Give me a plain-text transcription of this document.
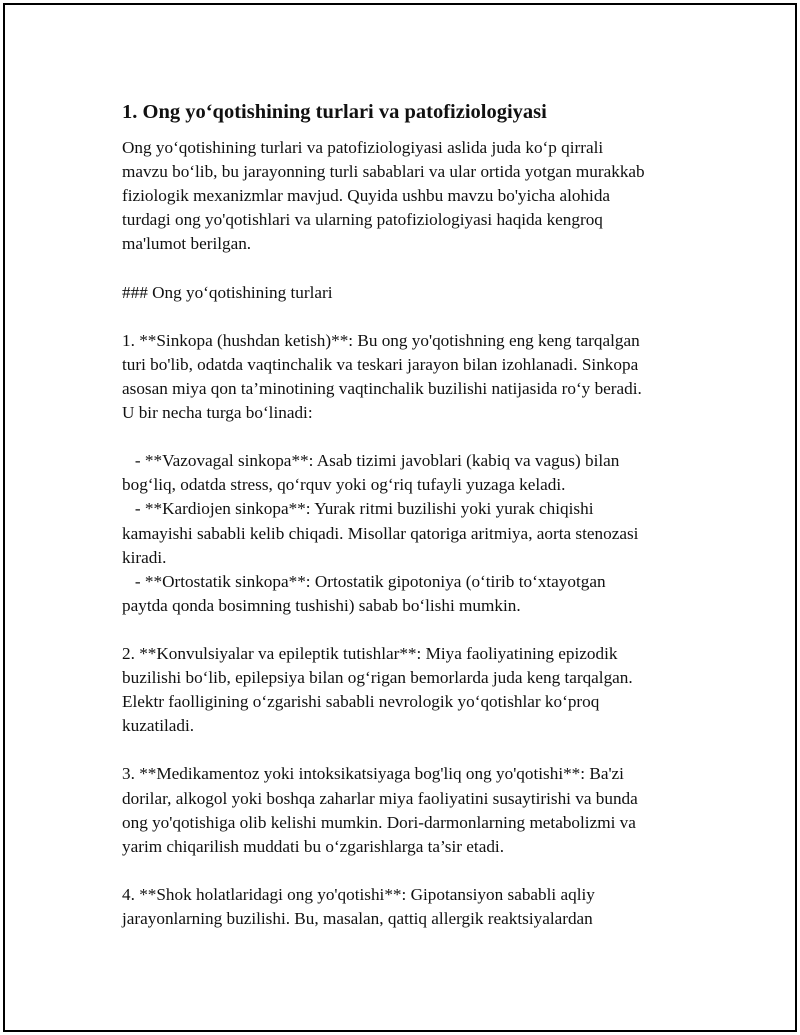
1. Ong yo‘qotishining turlari va patofiziologiyasi
Ong yo‘qotishining turlari va patofiziologiyasi aslida juda ko‘p qirrali
mavzu bo‘lib, bu jarayonning turli sabablari va ular ortida yotgan murakkab
fiziologik mexanizmlar mavjud. Quyida ushbu mavzu bo'yicha alohida
turdagi ong yo'qotishlari va ularning patofiziologiyasi haqida kengroq
ma'lumot berilgan.
### Ong yo‘qotishining turlari
1. **Sinkopa (hushdan ketish)**: Bu ong yo'qotishning eng keng tarqalgan
turi bo'lib, odatda vaqtinchalik va teskari jarayon bilan izohlanadi. Sinkopa
asosan miya qon ta’minotining vaqtinchalik buzilishi natijasida ro‘y beradi.
U bir necha turga bo‘linadi:
- **Vazovagal sinkopa**: Asab tizimi javoblari (kabiq va vagus) bilan
bog‘liq, odatda stress, qo‘rquv yoki og‘riq tufayli yuzaga keladi.
- **Kardiojen sinkopa**: Yurak ritmi buzilishi yoki yurak chiqishi
kamayishi sababli kelib chiqadi. Misollar qatoriga aritmiya, aorta stenozasi
kiradi.
- **Ortostatik sinkopa**: Ortostatik gipotoniya (o‘tirib to‘xtayotgan
paytda qonda bosimning tushishi) sabab bo‘lishi mumkin.
2. **Konvulsiyalar va epileptik tutishlar**: Miya faoliyatining epizodik
buzilishi bo‘lib, epilepsiya bilan og‘rigan bemorlarda juda keng tarqalgan.
Elektr faolligining o‘zgarishi sababli nevrologik yo‘qotishlar ko‘proq
kuzatiladi.
3. **Medikamentoz yoki intoksikatsiyaga bog'liq ong yo'qotishi**: Ba'zi
dorilar, alkogol yoki boshqa zaharlar miya faoliyatini susaytirishi va bunda
ong yo'qotishiga olib kelishi mumkin. Dori-darmonlarning metabolizmi va
yarim chiqarilish muddati bu o‘zgarishlarga ta’sir etadi.
4. **Shok holatlaridagi ong yo'qotishi**: Gipotansiyon sababli aqliy
jarayonlarning buzilishi. Bu, masalan, qattiq allergik reaktsiyalardan
